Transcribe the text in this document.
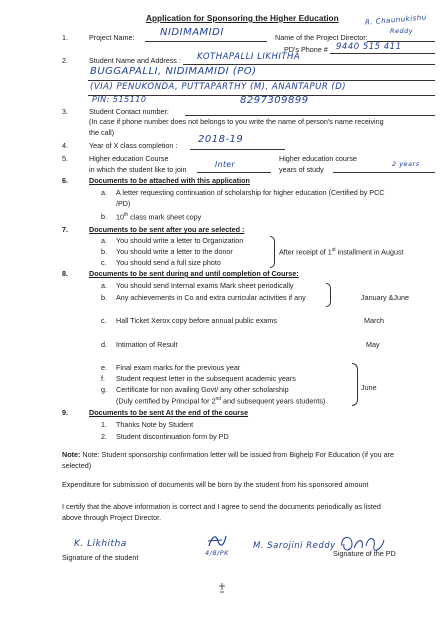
Application for Sponsoring the Higher Education	R. Chaunukishu
Reddy
1.	Project Name:	NIDIMAMIDI	Name of the Project Director:
PD's Phone # 9440 515 411
2.	Student Name and Address : KOTHAPALLI LIKHITHA
BUGGAPALLI, NIDIMAMIDI (PO)
(VIA) PENUKONDA, PUTTAPARTHY (M), ANANTAPUR (D)
PIN: 515110	8297309899
3.	Student Contact number:
(In case if phone number does not belongs to you write the name of person's name receiving
the call)
4.	Year of X class completion :
2018-19
5.	Higher education Course
in which the student like to join
Inter
Higher education course
years of study
2 years
6.	Documents to be attached with this application
a. A letter requesting continuation of scholarship for higher education (Certified by PCC
/PD)
b. 10th class mark sheet copy
7.	Documents to be sent after you are selected :
a. You should write a letter to Organization
b. You should write a letter to the donor
c. You should send a full size photo
After receipt of 1st installment in August
8.	Documents to be sent during and until completion of Course:
a. You should send Internal exams Mark sheet periodically
b. Any achievements in Co and extra curricular activities if any	January &June
c. Hall Ticket Xerox copy before annual public exams	March
d. Intimation of Result	May
e. Final exam marks for the previous year
f. Student request letter in the subsequent academic years
g. Certificate for non availing Govt/ any other scholarship
(Duly certified by Principal for 2nd and subsequent years students)
June
9.	Documents to be sent At the end of the course
1. Thanks Note by Student
2. Student discontinuation form by PD
Note: Note: Student sponsorship confirmation letter will be issued from Bighelp For Education (if you are
selected)
Expenditure for submission of documents will be born by the student from his sponsored amount
I certify that the above information is correct and I agree to send the documents periodically as listed
above through Project Director.
K. Likhitha
Signature of the student	4/8/PK
M. Sarojini Reddy
Signature of the PD
